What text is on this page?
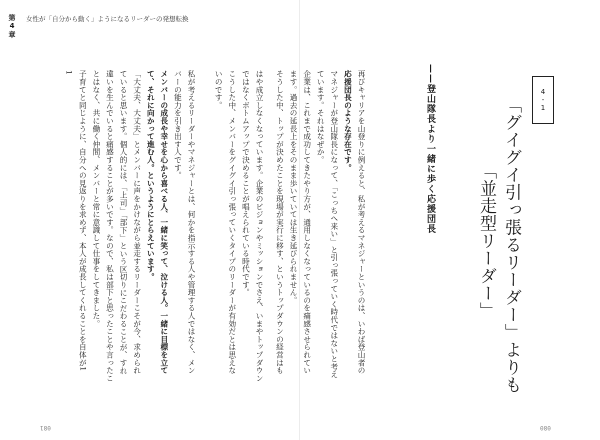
第4章 女性が「自分から動く」ようになるリーダーの発想転換

はや成立しなくなっています。企業のビジョンやミッションでさえ、いまやトップダウン

ではなくボトムアップで決めることが唱えられている時代です。

こうした中、メンバーをグイグイ引っ張っていくタイプのリーダーが有効だとは思えな

いのです。

私が考えるリーダーやマネジャーとは、何かを指示する人や管理する人ではなく、メン

バーの能力を引き出す人です。

メンバーの成長や幸せを心から喜べる人、一緒に笑って、泣ける人。一緒に目標を立て

て、それに向かって進む人。というようにとらえています。

「大丈夫、大丈夫」とメンバーに声をかけながら並走するリーダーこそが今、求められ

ていると思います。個人的には、「上司」「部下」という区切りにこだわることが、すれ

違いを生んでいると痛感することが多いです。なので、私は部下と思ったことや言ったこ

とはなく、共に働く仲間、メンバーと常に意識して仕事をしてきました。

子育てと同じように、自分への見返りを求めず、本人が成長してくれることを自体が1

1

081
4-1
「グイグイ引っ張るリーダー」よりも
「並走型リーダー」
——登山隊長より一緒に歩く応援団長

再びキャリアを山登りに例えると、私が考えるマネジャーというのは、いわば登山者の

応援団長のような存在です。

マネジャーが登山隊長になって、「こっちへ来い」と引っ張っていく時代ではないと考え

ています。それはなぜか。

企業は、これまで成功してきたやり方が、通用しなくなっているのを痛感させられてい

ます。過去の延長上をそのまま歩いていては生き延びられません。

そうした中、トップが決めたことを現場が実行に移す、というトップダウンの経営はも

080
